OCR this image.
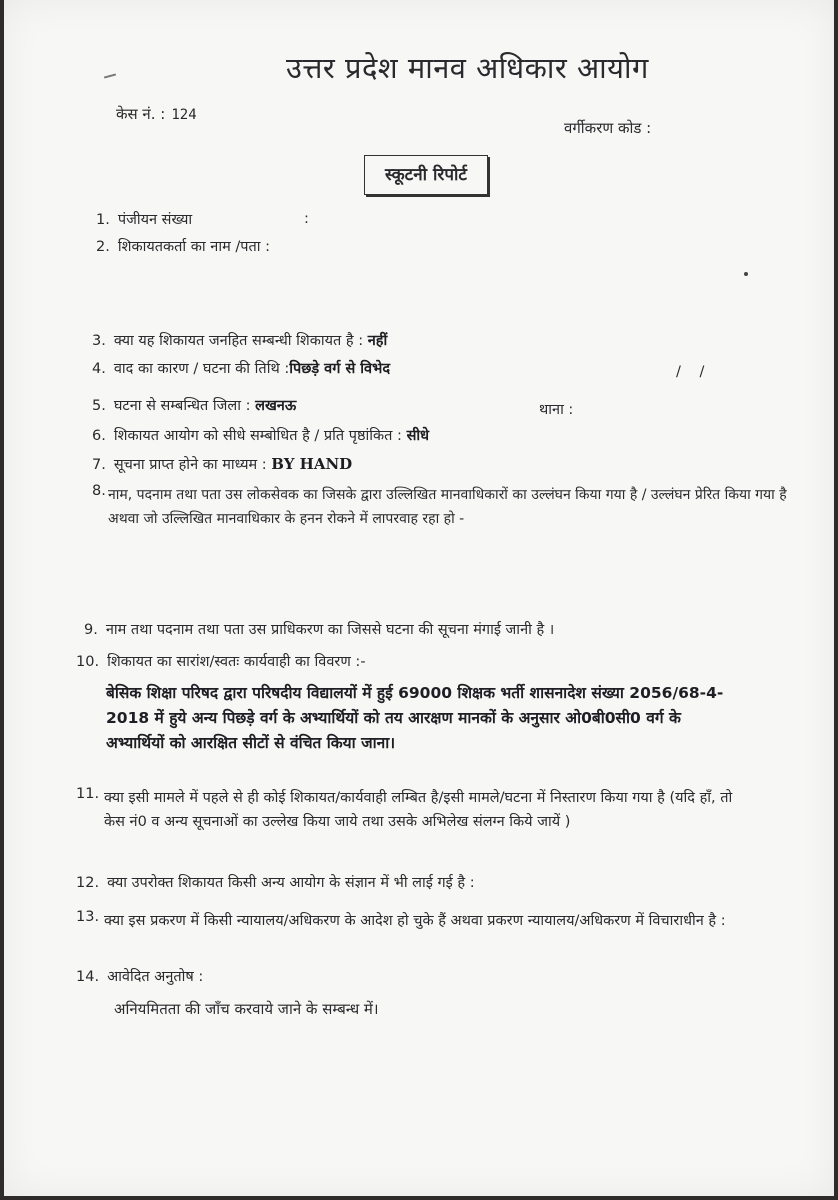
उत्तर प्रदेश मानव अधिकार आयोग
केस नं. : 124
वर्गीकरण कोड :
स्कूटनी रिपोर्ट
1. पंजीयन संख्या	:
2. शिकायतकर्ता का नाम /पता :
3. क्या यह शिकायत जनहित सम्बन्धी शिकायत है : नहीं
4. वाद का कारण / घटना की तिथि :पिछड़े वर्ग से विभेद	/ /
5. घटना से सम्बन्धित जिला : लखनऊ	थाना :
6. शिकायत आयोग को सीधे सम्बोधित है / प्रति पृष्ठांकित : सीधे
7. सूचना प्राप्त होने का माध्यम : BY HAND
8. नाम, पदनाम तथा पता उस लोकसेवक का जिसके द्वारा उल्लिखित मानवाधिकारों का उल्लंघन किया गया है / उल्लंघन प्रेरित किया गया है अथवा जो उल्लिखित मानवाधिकार के हनन रोकने में लापरवाह रहा हो -
9. नाम तथा पदनाम तथा पता उस प्राधिकरण का जिससे घटना की सूचना मंगाई जानी है ।
10. शिकायत का सारांश/स्वतः कार्यवाही का विवरण :-
बेसिक शिक्षा परिषद द्वारा परिषदीय विद्यालयों में हुई 69000 शिक्षक भर्ती शासनादेश संख्या 2056/68-4-2018 में हुये अन्य पिछड़े वर्ग के अभ्यार्थियों को तय आरक्षण मानकों के अनुसार ओ0बी0सी0 वर्ग के अभ्यार्थियों को आरक्षित सीटों से वंचित किया जाना।
11. क्या इसी मामले में पहले से ही कोई शिकायत/कार्यवाही लम्बित है/इसी मामले/घटना में निस्तारण किया गया है (यदि हाँ, तो केस नं0 व अन्य सूचनाओं का उल्लेख किया जाये तथा उसके अभिलेख संलग्न किये जायें )
12. क्या उपरोक्त शिकायत किसी अन्य आयोग के संज्ञान में भी लाई गई है :
13. क्या इस प्रकरण में किसी न्यायालय/अधिकरण के आदेश हो चुके हैं अथवा प्रकरण न्यायालय/अधिकरण में विचाराधीन है :
14. आवेदित अनुतोष :
अनियमितता की जाँच करवाये जाने के सम्बन्ध में।
